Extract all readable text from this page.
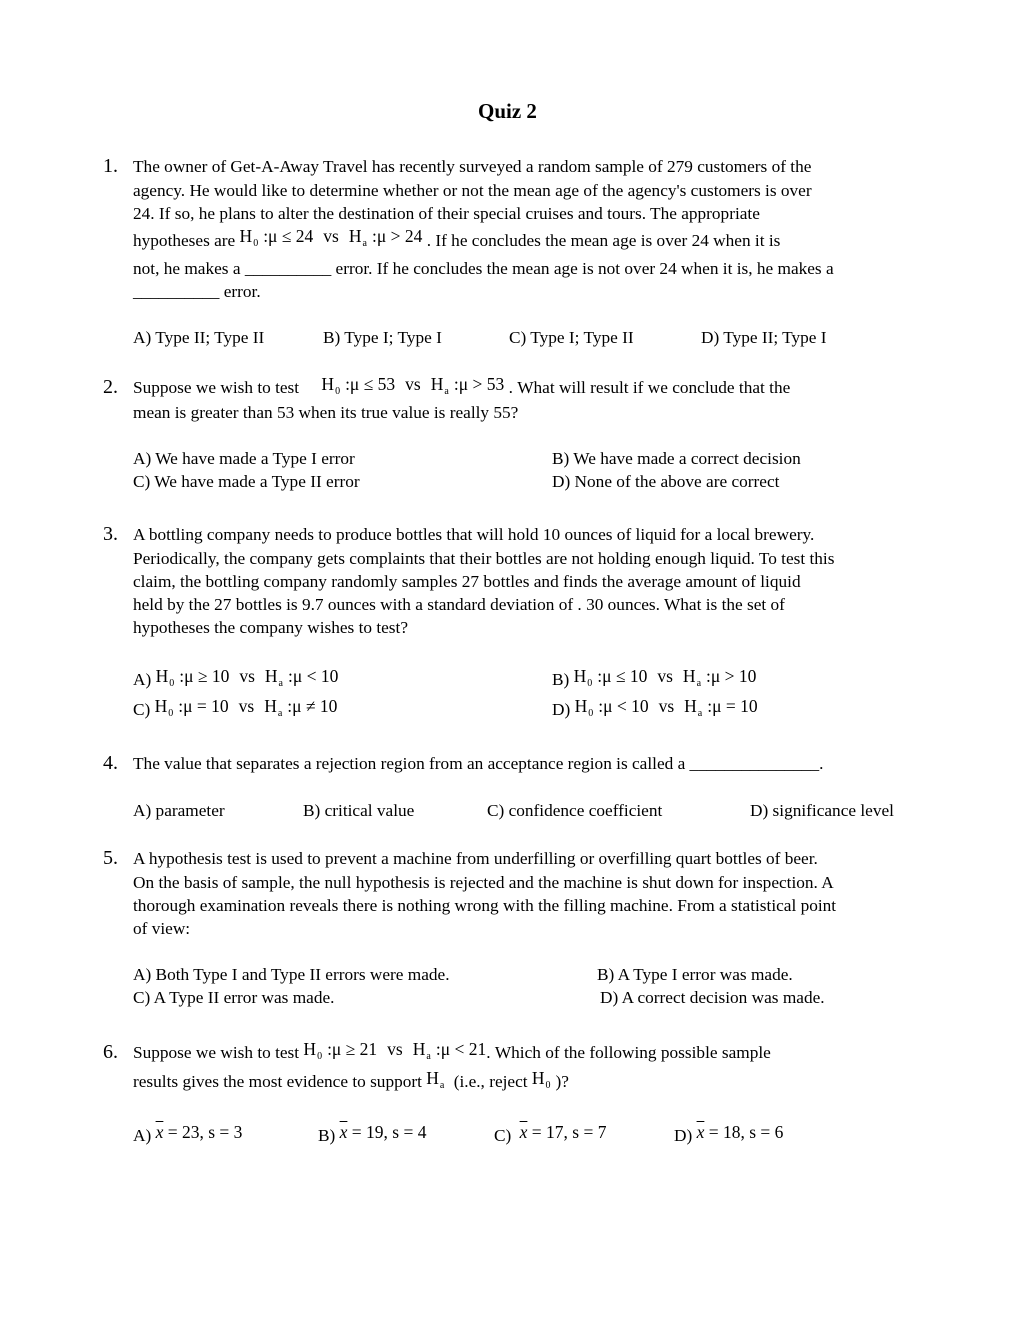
Quiz 2
1. The owner of Get-A-Away Travel has recently surveyed a random sample of 279 customers of the
agency. He would like to determine whether or not the mean age of the agency's customers is over
24. If so, he plans to alter the destination of their special cruises and tours. The appropriate
hypotheses are $H_0$ :μ ≤ 24 vs $H_a$ :μ > 24 . If he concludes the mean age is over 24 when it is
not, he makes a __________ error. If he concludes the mean age is not over 24 when it is, he makes a
__________ error.
A) Type II; Type II	B) Type I; Type I	C) Type I; Type II	D) Type II; Type I
2. Suppose we wish to test $H_0$ :μ ≤ 53 vs $H_a$ :μ > 53 . What will result if we conclude that the
mean is greater than 53 when its true value is really 55?
A) We have made a Type I error	B) We have made a correct decision
C) We have made a Type II error	D) None of the above are correct
3. A bottling company needs to produce bottles that will hold 10 ounces of liquid for a local brewery.
Periodically, the company gets complaints that their bottles are not holding enough liquid. To test this
claim, the bottling company randomly samples 27 bottles and finds the average amount of liquid
held by the 27 bottles is 9.7 ounces with a standard deviation of . 30 ounces. What is the set of
hypotheses the company wishes to test?
A) $H_0$ :μ ≥ 10 vs $H_a$ :μ < 10	B) $H_0$ :μ ≤ 10 vs $H_a$ :μ > 10
C) $H_0$ :μ = 10 vs $H_a$ :μ ≠ 10	D) $H_0$ :μ < 10 vs $H_a$ :μ = 10
4. The value that separates a rejection region from an acceptance region is called a _______________.
A) parameter	B) critical value	C) confidence coefficient	D) significance level
5. A hypothesis test is used to prevent a machine from underfilling or overfilling quart bottles of beer.
On the basis of sample, the null hypothesis is rejected and the machine is shut down for inspection. A
thorough examination reveals there is nothing wrong with the filling machine. From a statistical point
of view:
A) Both Type I and Type II errors were made.	B) A Type I error was made.
C) A Type II error was made.	D) A correct decision was made.
6. Suppose we wish to test $H_0$ :μ ≥ 21 vs $H_a$ :μ < 21. Which of the following possible sample
results gives the most evidence to support $H_a$ (i.e., reject $H_0$ )?
A) $\overline{x} = 23$, s = 3	B) $\overline{x} = 19$, s = 4	C) $\overline{x} = 17$, s = 7	D) $\overline{x} = 18$, s = 6
